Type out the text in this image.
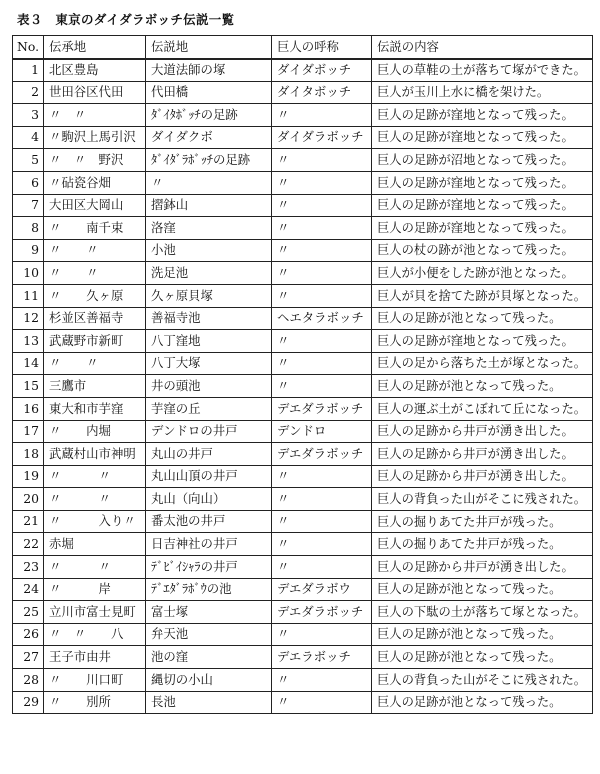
表３　東京のダイダラボッチ伝説一覧
No.	伝承地	伝説地	巨人の呼称	伝説の内容
1	北区豊島	大道法師の塚	ダイダボッチ	巨人の草鞋の土が落ちて塚ができた。
2	世田谷区代田	代田橋	ダイタボッチ	巨人が玉川上水に橋を架けた。
3	〃　〃	ﾀﾞｲﾀﾎﾞｯﾁの足跡	〃	巨人の足跡が窪地となって残った。
4	〃駒沢上馬引沢	ダイダクボ	ダイダラボッチ	巨人の足跡が窪地となって残った。
5	〃　〃　野沢	ﾀﾞｲﾀﾞﾗﾎﾞｯﾁの足跡	〃	巨人の足跡が沼地となって残った。
6	〃砧瓷谷畑	〃	〃	巨人の足跡が窪地となって残った。
7	大田区大岡山	摺鉢山	〃	巨人の足跡が窪地となって残った。
8	〃　　南千束	洛窪	〃	巨人の足跡が窪地となって残った。
9	〃　　〃	小池	〃	巨人の杖の跡が池となって残った。
10	〃　　〃	洗足池	〃	巨人が小便をした跡が池となった。
11	〃　　久ヶ原	久ヶ原貝塚	〃	巨人が貝を捨てた跡が貝塚となった。
12	杉並区善福寺	善福寺池	ヘエタラボッチ	巨人の足跡が池となって残った。
13	武蔵野市新町	八丁窪地	〃	巨人の足跡が窪地となって残った。
14	〃　　〃	八丁大塚	〃	巨人の足から落ちた土が塚となった。
15	三鷹市	井の頭池	〃	巨人の足跡が池となって残った。
16	東大和市芋窪	芋窪の丘	デエダラボッチ	巨人の運ぶ土がこぼれて丘になった。
17	〃　　内堀	デンドロの井戸	デンドロ	巨人の足跡から井戸が湧き出した。
18	武蔵村山市神明	丸山の井戸	デエダラボッチ	巨人の足跡から井戸が湧き出した。
19	〃　　　〃	丸山山頂の井戸	〃	巨人の足跡から井戸が湧き出した。
20	〃　　　〃	丸山（向山）	〃	巨人の背負った山がそこに残された。
21	〃　　　入り〃	番太池の井戸	〃	巨人の掘りあてた井戸が残った。
22	赤堀	日吉神社の井戸	〃	巨人の掘りあてた井戸が残った。
23	〃　　　〃	ﾃﾞﾋﾞｲｼｬﾗの井戸	〃	巨人の足跡から井戸が湧き出した。
24	〃　　　岸	ﾃﾞｴﾀﾞﾗﾎﾞｳの池	デエダラボウ	巨人の足跡が池となって残った。
25	立川市富士見町	富士塚	デエダラボッチ	巨人の下駄の土が落ちて塚となった。
26	〃　〃　　八	弁天池	〃	巨人の足跡が池となって残った。
27	王子市由井	池の窪	デエラボッチ	巨人の足跡が池となって残った。
28	〃　　川口町	縄切の小山	〃	巨人の背負った山がそこに残された。
29	〃　　別所	長池	〃	巨人の足跡が池となって残った。
